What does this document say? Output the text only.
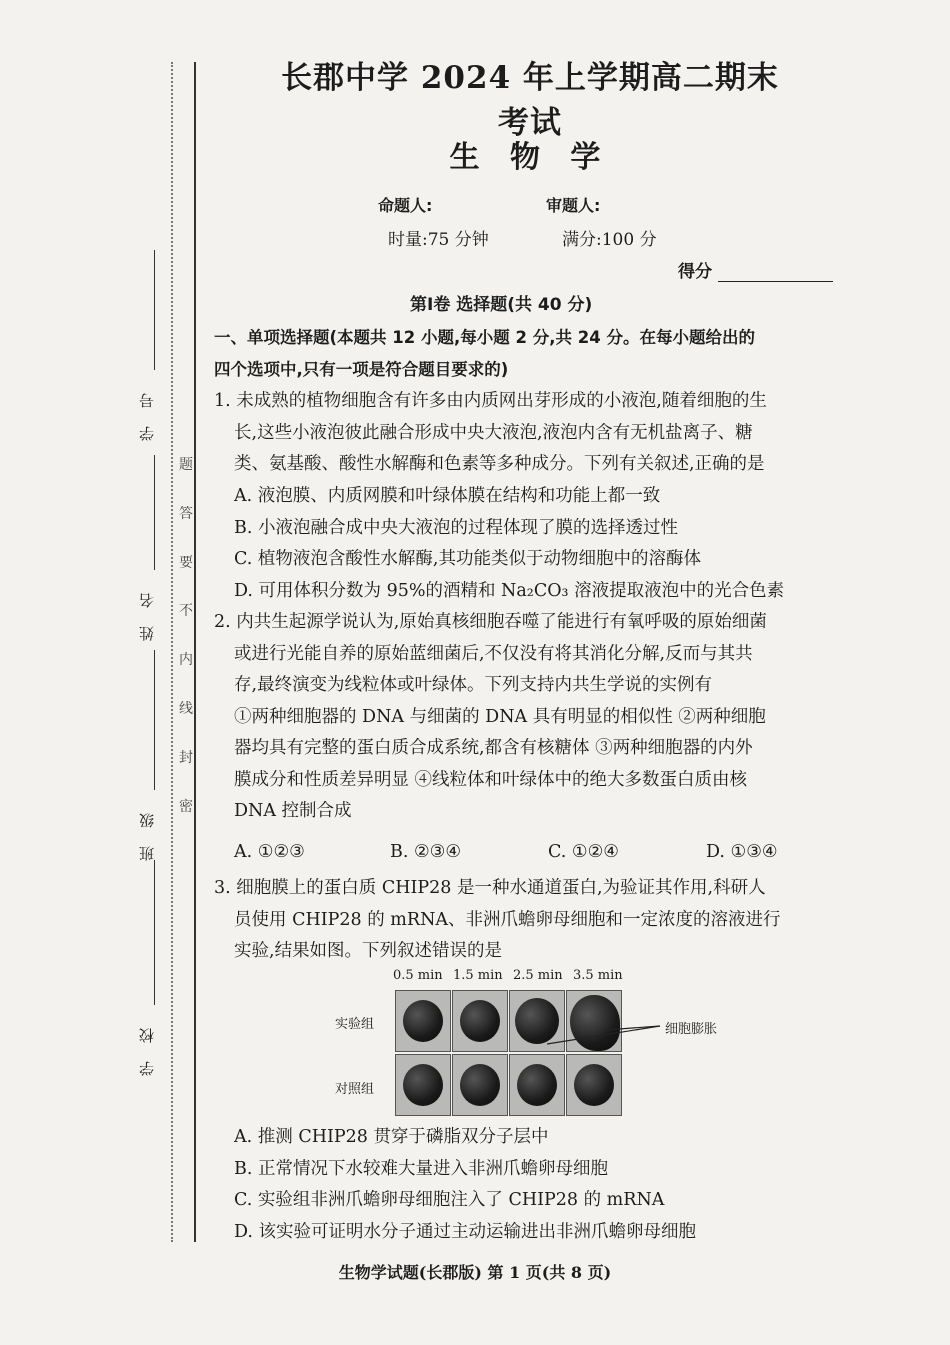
学号
姓名
班级
学校
题
答
要
不
内
线
封
密
长郡中学 2024 年上学期高二期末考试
生 物 学
命题人:	审题人:
时量:75 分钟	满分:100 分
得分
第Ⅰ卷 选择题(共 40 分)
一、单项选择题(本题共 12 小题,每小题 2 分,共 24 分。在每小题给出的
四个选项中,只有一项是符合题目要求的)
1. 未成熟的植物细胞含有许多由内质网出芽形成的小液泡,随着细胞的生
长,这些小液泡彼此融合形成中央大液泡,液泡内含有无机盐离子、糖
类、氨基酸、酸性水解酶和色素等多种成分。下列有关叙述,正确的是
A. 液泡膜、内质网膜和叶绿体膜在结构和功能上都一致
B. 小液泡融合成中央大液泡的过程体现了膜的选择透过性
C. 植物液泡含酸性水解酶,其功能类似于动物细胞中的溶酶体
D. 可用体积分数为 95%的酒精和 Na₂CO₃ 溶液提取液泡中的光合色素
2. 内共生起源学说认为,原始真核细胞吞噬了能进行有氧呼吸的原始细菌
或进行光能自养的原始蓝细菌后,不仅没有将其消化分解,反而与其共
存,最终演变为线粒体或叶绿体。下列支持内共生学说的实例有
①两种细胞器的 DNA 与细菌的 DNA 具有明显的相似性 ②两种细胞
器均具有完整的蛋白质合成系统,都含有核糖体 ③两种细胞器的内外
膜成分和性质差异明显 ④线粒体和叶绿体中的绝大多数蛋白质由核
DNA 控制合成
A. ①②③	B. ②③④	C. ①②④	D. ①③④
3. 细胞膜上的蛋白质 CHIP28 是一种水通道蛋白,为验证其作用,科研人
员使用 CHIP28 的 mRNA、非洲爪蟾卵母细胞和一定浓度的溶液进行
实验,结果如图。下列叙述错误的是
0.5 min 1.5 min 2.5 min 3.5 min
实验组
对照组
细胞膨胀
A. 推测 CHIP28 贯穿于磷脂双分子层中
B. 正常情况下水较难大量进入非洲爪蟾卵母细胞
C. 实验组非洲爪蟾卵母细胞注入了 CHIP28 的 mRNA
D. 该实验可证明水分子通过主动运输进出非洲爪蟾卵母细胞
生物学试题(长郡版) 第 1 页(共 8 页)
